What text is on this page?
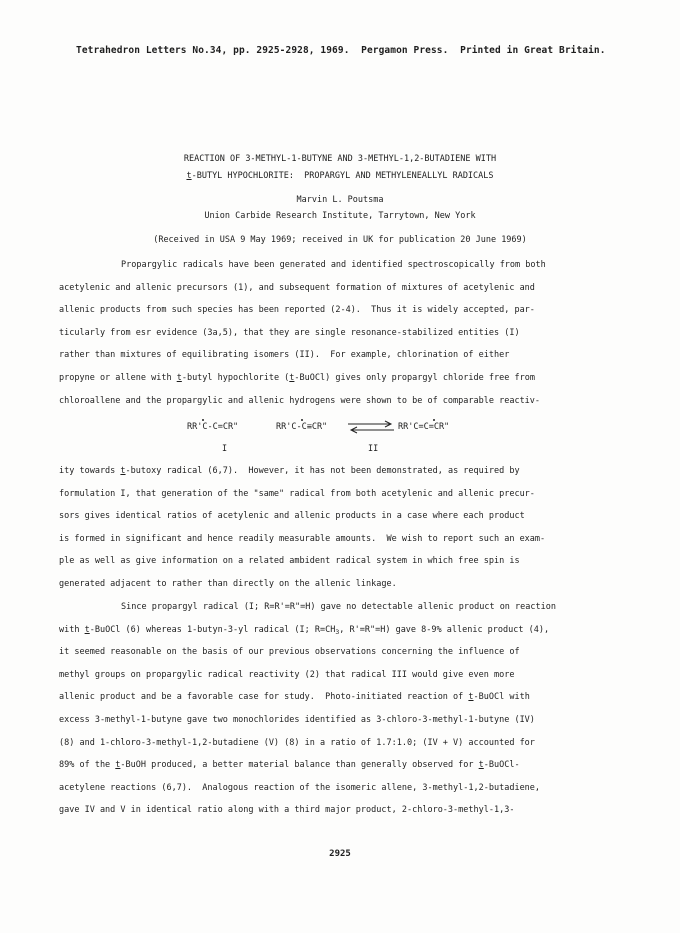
Tetrahedron Letters No.34, pp. 2925-2928, 1969.  Pergamon Press.  Printed in Great Britain.
REACTION OF 3-METHYL-1-BUTYNE AND 3-METHYL-1,2-BUTADIENE WITH
t-BUTYL HYPOCHLORITE:  PROPARGYL AND METHYLENEALLYL RADICALS
Marvin L. Poutsma
Union Carbide Research Institute, Tarrytown, New York
(Received in USA 9 May 1969; received in UK for publication 20 June 1969)
Propargylic radicals have been generated and identified spectroscopically from both
acetylenic and allenic precursors (1), and subsequent formation of mixtures of acetylenic and
allenic products from such species has been reported (2-4).  Thus it is widely accepted, par-
ticularly from esr evidence (3a,5), that they are single resonance-stabilized entities (I)
rather than mixtures of equilibrating isomers (II).  For example, chlorination of either
propyne or allene with t-butyl hypochlorite (t-BuOCl) gives only propargyl chloride free from
chloroallene and the propargylic and allenic hydrogens were shown to be of comparable reactiv-
RR'C-C=CR"	RR'C-C≡CR" ⇌ RR'C=C=CR"
I	II
ity towards t-butoxy radical (6,7).  However, it has not been demonstrated, as required by
formulation I, that generation of the "same" radical from both acetylenic and allenic precur-
sors gives identical ratios of acetylenic and allenic products in a case where each product
is formed in significant and hence readily measurable amounts.  We wish to report such an exam-
ple as well as give information on a related ambident radical system in which free spin is
generated adjacent to rather than directly on the allenic linkage.
Since propargyl radical (I; R=R'=R"=H) gave no detectable allenic product on reaction
with t-BuOCl (6) whereas 1-butyn-3-yl radical (I; $R=CH_3$, R'=R"=H) gave 8-9% allenic product (4),
it seemed reasonable on the basis of our previous observations concerning the influence of
methyl groups on propargylic radical reactivity (2) that radical III would give even more
allenic product and be a favorable case for study.  Photo-initiated reaction of t-BuOCl with
excess 3-methyl-1-butyne gave two monochlorides identified as 3-chloro-3-methyl-1-butyne (IV)
(8) and 1-chloro-3-methyl-1,2-butadiene (V) (8) in a ratio of 1.7:1.0; (IV + V) accounted for
89% of the t-BuOH produced, a better material balance than generally observed for t-BuOCl-
acetylene reactions (6,7).  Analogous reaction of the isomeric allene, 3-methyl-1,2-butadiene,
gave IV and V in identical ratio along with a third major product, 2-chloro-3-methyl-1,3-
2925
